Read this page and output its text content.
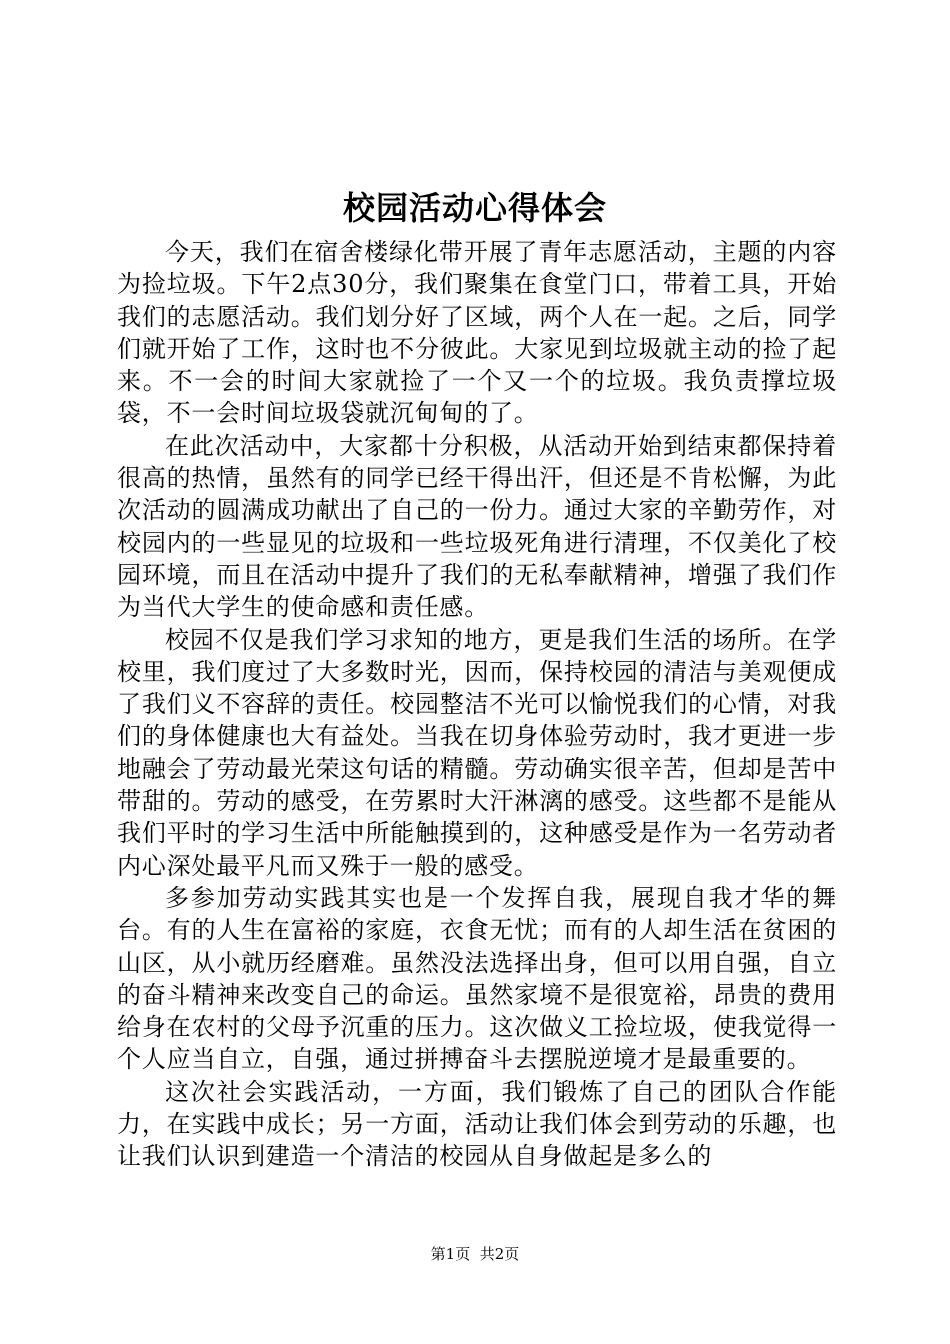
校园活动心得体会

今天，我们在宿舍楼绿化带开展了青年志愿活动，主题的内容为捡垃圾。下午2点30分，我们聚集在食堂门口，带着工具，开始我们的志愿活动。我们划分好了区域，两个人在一起。之后，同学们就开始了工作，这时也不分彼此。大家见到垃圾就主动的捡了起来。不一会的时间大家就捡了一个又一个的垃圾。我负责撑垃圾袋，不一会时间垃圾袋就沉甸甸的了。

在此次活动中，大家都十分积极，从活动开始到结束都保持着很高的热情，虽然有的同学已经干得出汗，但还是不肯松懈，为此次活动的圆满成功献出了自己的一份力。通过大家的辛勤劳作，对校园内的一些显见的垃圾和一些垃圾死角进行清理，不仅美化了校园环境，而且在活动中提升了我们的无私奉献精神，增强了我们作为当代大学生的使命感和责任感。

校园不仅是我们学习求知的地方，更是我们生活的场所。在学校里，我们度过了大多数时光，因而，保持校园的清洁与美观便成了我们义不容辞的责任。校园整洁不光可以愉悦我们的心情，对我们的身体健康也大有益处。当我在切身体验劳动时，我才更进一步地融会了劳动最光荣这句话的精髓。劳动确实很辛苦，但却是苦中带甜的。劳动的感受，在劳累时大汗淋漓的感受。这些都不是能从我们平时的学习生活中所能触摸到的，这种感受是作为一名劳动者内心深处最平凡而又殊于一般的感受。

多参加劳动实践其实也是一个发挥自我，展现自我才华的舞台。有的人生在富裕的家庭，衣食无忧；而有的人却生活在贫困的山区，从小就历经磨难。虽然没法选择出身，但可以用自强，自立的奋斗精神来改变自己的命运。虽然家境不是很宽裕，昂贵的费用给身在农村的父母予沉重的压力。这次做义工捡垃圾，使我觉得一个人应当自立，自强，通过拼搏奋斗去摆脱逆境才是最重要的。

这次社会实践活动，一方面，我们锻炼了自己的团队合作能力，在实践中成长；另一方面，活动让我们体会到劳动的乐趣，也让我们认识到建造一个清洁的校园从自身做起是多么的

第1页 共2页
